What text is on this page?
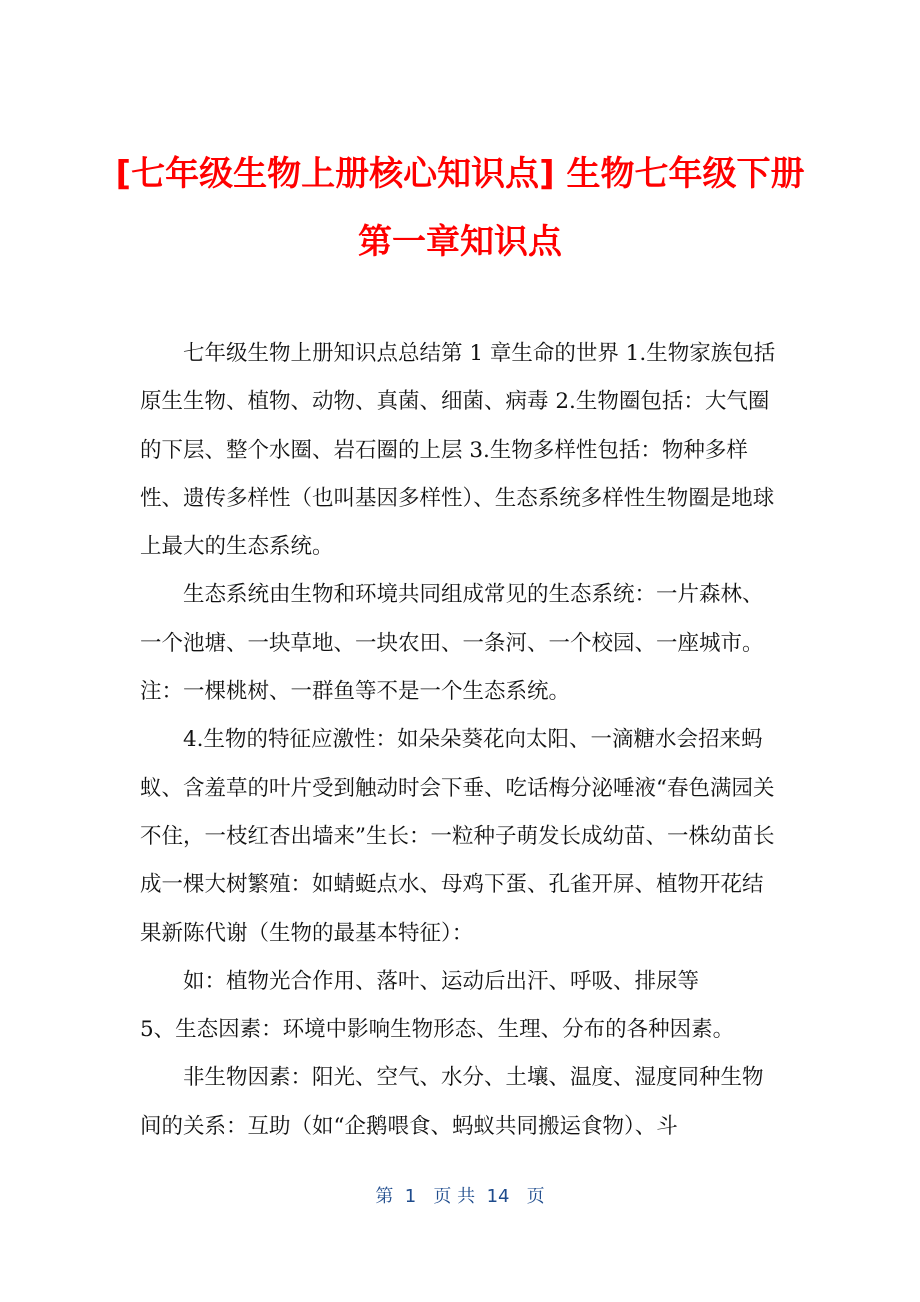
[七年级生物上册核心知识点] 生物七年级下册第一章知识点

七年级生物上册知识点总结第 1 章生命的世界 1.生物家族包括原生生物、植物、动物、真菌、细菌、病毒 2.生物圈包括：大气圈的下层、整个水圈、岩石圈的上层 3.生物多样性包括：物种多样性、遗传多样性（也叫基因多样性）、生态系统多样性生物圈是地球上最大的生态系统。

生态系统由生物和环境共同组成常见的生态系统：一片森林、一个池塘、一块草地、一块农田、一条河、一个校园、一座城市。注：一棵桃树、一群鱼等不是一个生态系统。

4.生物的特征应激性：如朵朵葵花向太阳、一滴糖水会招来蚂蚁、含羞草的叶片受到触动时会下垂、吃话梅分泌唾液“春色满园关不住，一枝红杏出墙来”生长：一粒种子萌发长成幼苗、一株幼苗长成一棵大树繁殖：如蜻蜓点水、母鸡下蛋、孔雀开屏、植物开花结果新陈代谢（生物的最基本特征）：

如：植物光合作用、落叶、运动后出汗、呼吸、排尿等

5、生态因素：环境中影响生物形态、生理、分布的各种因素。

非生物因素：阳光、空气、水分、土壤、温度、湿度同种生物间的关系：互助（如“企鹅喂食、蚂蚁共同搬运食物）、斗

第  1   页 共  14   页
